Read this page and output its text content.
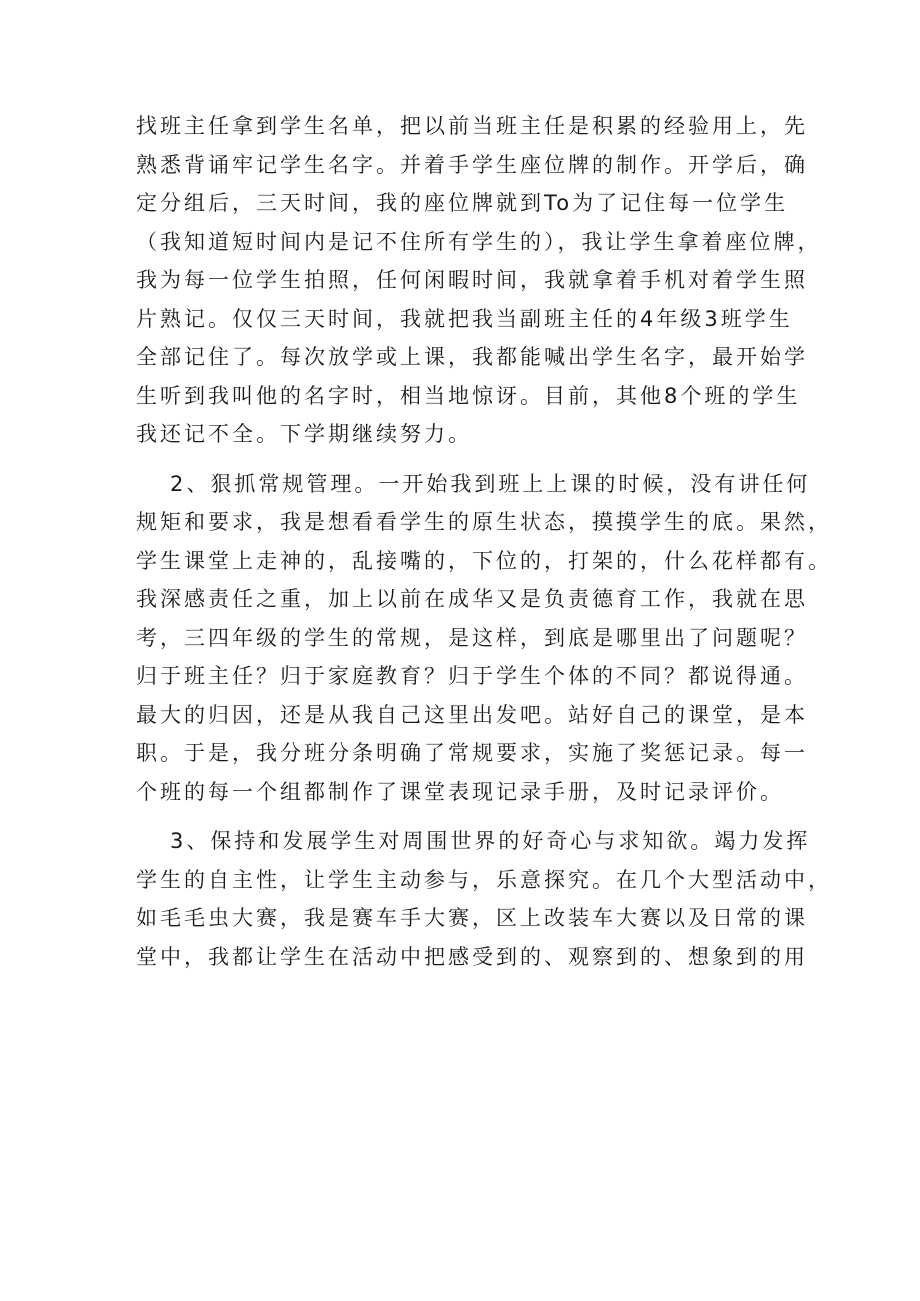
找班主任拿到学生名单，把以前当班主任是积累的经验用上，先

熟悉背诵牢记学生名字。并着手学生座位牌的制作。开学后，确

定分组后，三天时间，我的座位牌就到To为了记住每一位学生

（我知道短时间内是记不住所有学生的），我让学生拿着座位牌，

我为每一位学生拍照，任何闲暇时间，我就拿着手机对着学生照

片熟记。仅仅三天时间，我就把我当副班主任的4年级3班学生

全部记住了。每次放学或上课，我都能喊出学生名字，最开始学

生听到我叫他的名字时，相当地惊讶。目前，其他8个班的学生

我还记不全。下学期继续努力。

2、狠抓常规管理。一开始我到班上上课的时候，没有讲任何

规矩和要求，我是想看看学生的原生状态，摸摸学生的底。果然，

学生课堂上走神的，乱接嘴的，下位的，打架的，什么花样都有。

我深感责任之重，加上以前在成华又是负责德育工作，我就在思

考，三四年级的学生的常规，是这样，到底是哪里出了问题呢？

归于班主任？归于家庭教育？归于学生个体的不同？都说得通。

最大的归因，还是从我自己这里出发吧。站好自己的课堂，是本

职。于是，我分班分条明确了常规要求，实施了奖惩记录。每一

个班的每一个组都制作了课堂表现记录手册，及时记录评价。

3、保持和发展学生对周围世界的好奇心与求知欲。竭力发挥

学生的自主性，让学生主动参与，乐意探究。在几个大型活动中，

如毛毛虫大赛，我是赛车手大赛，区上改装车大赛以及日常的课

堂中，我都让学生在活动中把感受到的、观察到的、想象到的用
